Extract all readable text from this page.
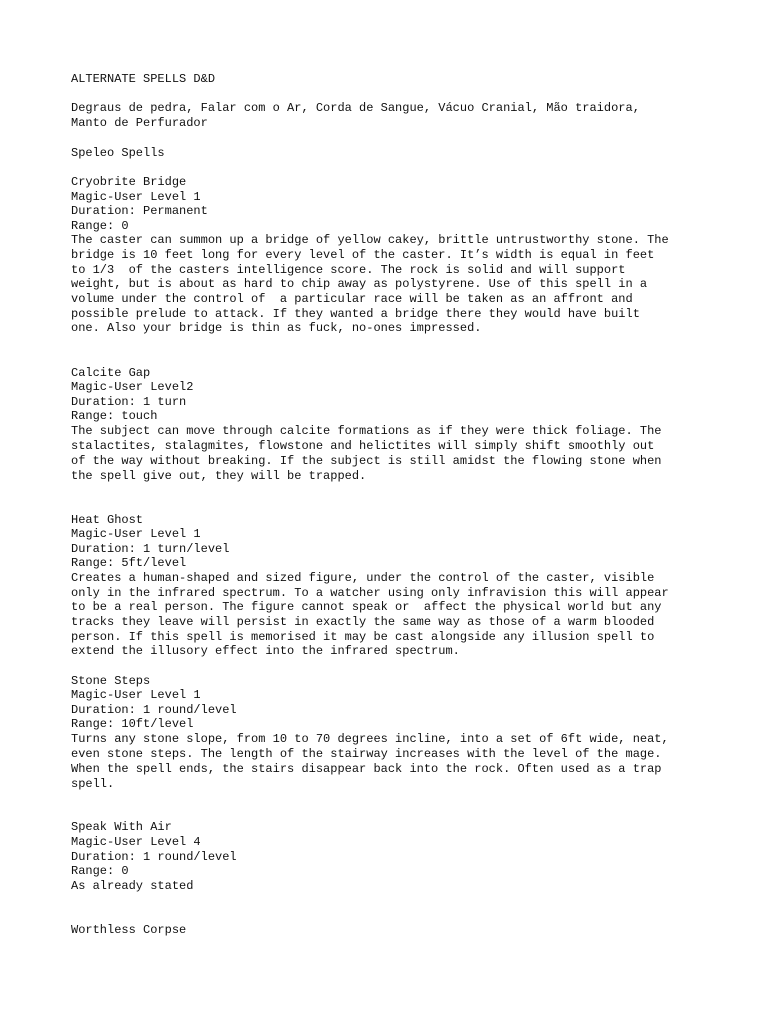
ALTERNATE SPELLS D&D

Degraus de pedra, Falar com o Ar, Corda de Sangue, Vácuo Cranial, Mão traidora,

Manto de Perfurador

Speleo Spells

Cryobrite Bridge

Magic-User Level 1

Duration: Permanent

Range: 0

The caster can summon up a bridge of yellow cakey, brittle untrustworthy stone. The

bridge is 10 feet long for every level of the caster. It’s width is equal in feet

to 1/3  of the casters intelligence score. The rock is solid and will support

weight, but is about as hard to chip away as polystyrene. Use of this spell in a

volume under the control of  a particular race will be taken as an affront and

possible prelude to attack. If they wanted a bridge there they would have built

one. Also your bridge is thin as fuck, no-ones impressed.

Calcite Gap

Magic-User Level2

Duration: 1 turn

Range: touch

The subject can move through calcite formations as if they were thick foliage. The

stalactites, stalagmites, flowstone and helictites will simply shift smoothly out

of the way without breaking. If the subject is still amidst the flowing stone when

the spell give out, they will be trapped.

Heat Ghost

Magic-User Level 1

Duration: 1 turn/level

Range: 5ft/level

Creates a human-shaped and sized figure, under the control of the caster, visible

only in the infrared spectrum. To a watcher using only infravision this will appear

to be a real person. The figure cannot speak or  affect the physical world but any

tracks they leave will persist in exactly the same way as those of a warm blooded

person. If this spell is memorised it may be cast alongside any illusion spell to

extend the illusory effect into the infrared spectrum.

Stone Steps

Magic-User Level 1

Duration: 1 round/level

Range: 10ft/level

Turns any stone slope, from 10 to 70 degrees incline, into a set of 6ft wide, neat,

even stone steps. The length of the stairway increases with the level of the mage.

When the spell ends, the stairs disappear back into the rock. Often used as a trap

spell.

Speak With Air

Magic-User Level 4

Duration: 1 round/level

Range: 0

As already stated

Worthless Corpse
